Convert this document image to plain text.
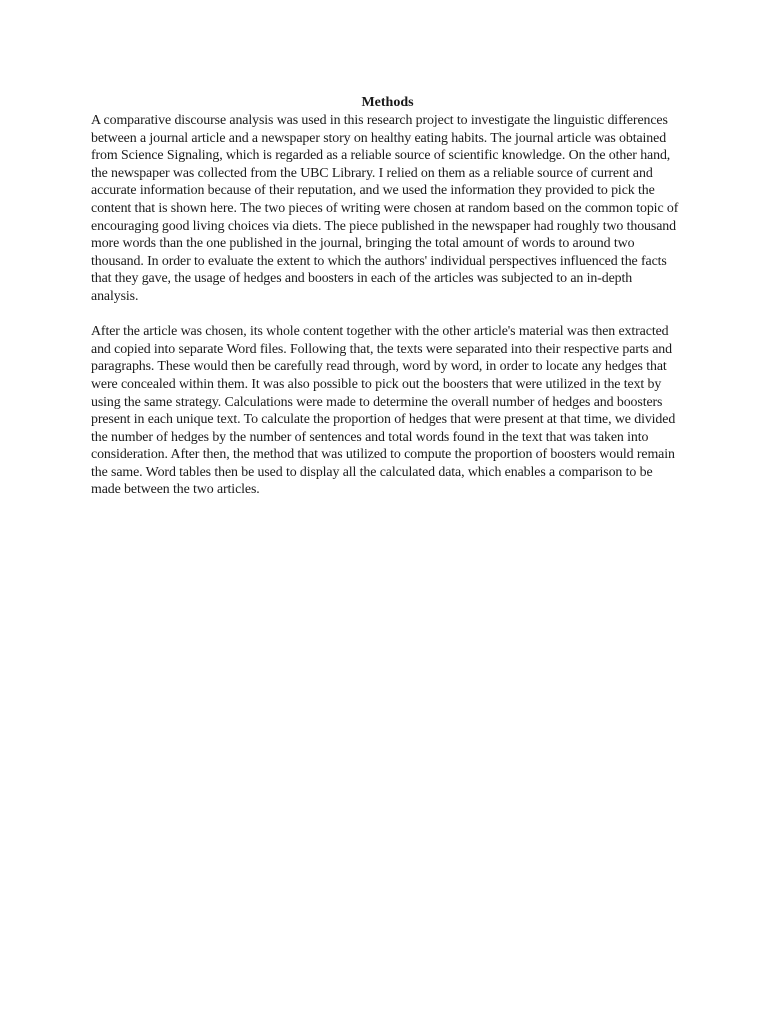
Methods

A comparative discourse analysis was used in this research project to investigate the linguistic differences between a journal article and a newspaper story on healthy eating habits. The journal article was obtained from Science Signaling, which is regarded as a reliable source of scientific knowledge. On the other hand, the newspaper was collected from the UBC Library. I relied on them as a reliable source of current and accurate information because of their reputation, and we used the information they provided to pick the content that is shown here. The two pieces of writing were chosen at random based on the common topic of encouraging good living choices via diets. The piece published in the newspaper had roughly two thousand more words than the one published in the journal, bringing the total amount of words to around two thousand. In order to evaluate the extent to which the authors' individual perspectives influenced the facts that they gave, the usage of hedges and boosters in each of the articles was subjected to an in-depth analysis.

After the article was chosen, its whole content together with the other article's material was then extracted and copied into separate Word files. Following that, the texts were separated into their respective parts and paragraphs. These would then be carefully read through, word by word, in order to locate any hedges that were concealed within them. It was also possible to pick out the boosters that were utilized in the text by using the same strategy. Calculations were made to determine the overall number of hedges and boosters present in each unique text. To calculate the proportion of hedges that were present at that time, we divided the number of hedges by the number of sentences and total words found in the text that was taken into consideration. After then, the method that was utilized to compute the proportion of boosters would remain the same. Word tables then be used to display all the calculated data, which enables a comparison to be made between the two articles.
